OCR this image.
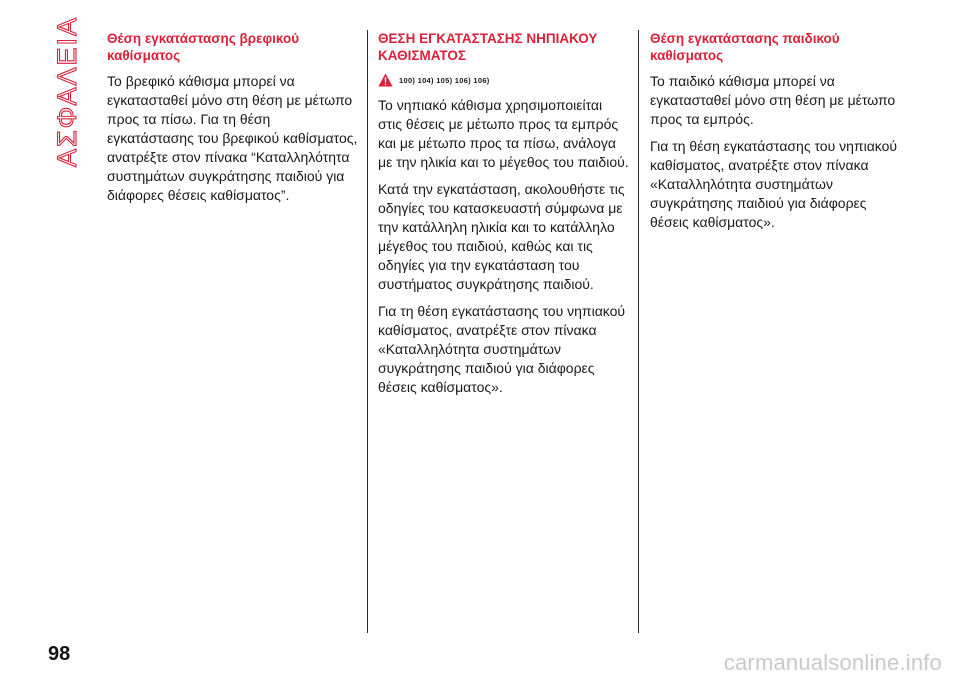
ΑΣΦΑΛΕΙΑ Θέση εγκατάστασης βρεφικού καθίσματος

Το βρεφικό κάθισμα μπορεί να εγκατασταθεί μόνο στη θέση με μέτωπο προς τα πίσω. Για τη θέση εγκατάστασης του βρεφικού καθίσματος, ανατρέξτε στον πίνακα “Καταλληλότητα συστημάτων συγκράτησης παιδιού για διάφορες θέσεις καθίσματος”.

ΘΕΣΗ ΕΓΚΑΤΑΣΤΑΣΗΣ ΝΗΠΙΑΚΟΥ ΚΑΘΙΣΜΑΤΟΣ
100) 104) 105) 106) 106)

Το νηπιακό κάθισμα χρησιμοποιείται στις θέσεις με μέτωπο προς τα εμπρός και με μέτωπο προς τα πίσω, ανάλογα με την ηλικία και το μέγεθος του παιδιού.

Κατά την εγκατάσταση, ακολουθήστε τις οδηγίες του κατασκευαστή σύμφωνα με την κατάλληλη ηλικία και το κατάλληλο μέγεθος του παιδιού, καθώς και τις οδηγίες για την εγκατάσταση του συστήματος συγκράτησης παιδιού.

Για τη θέση εγκατάστασης του νηπιακού καθίσματος, ανατρέξτε στον πίνακα «Καταλληλότητα συστημάτων συγκράτησης παιδιού για διάφορες θέσεις καθίσματος».

Θέση εγκατάστασης παιδικού καθίσματος

Το παιδικό κάθισμα μπορεί να εγκατασταθεί μόνο στη θέση με μέτωπο προς τα εμπρός.

Για τη θέση εγκατάστασης του νηπιακού καθίσματος, ανατρέξτε στον πίνακα «Καταλληλότητα συστημάτων συγκράτησης παιδιού για διάφορες θέσεις καθίσματος».

98	carmanualsonline.info
